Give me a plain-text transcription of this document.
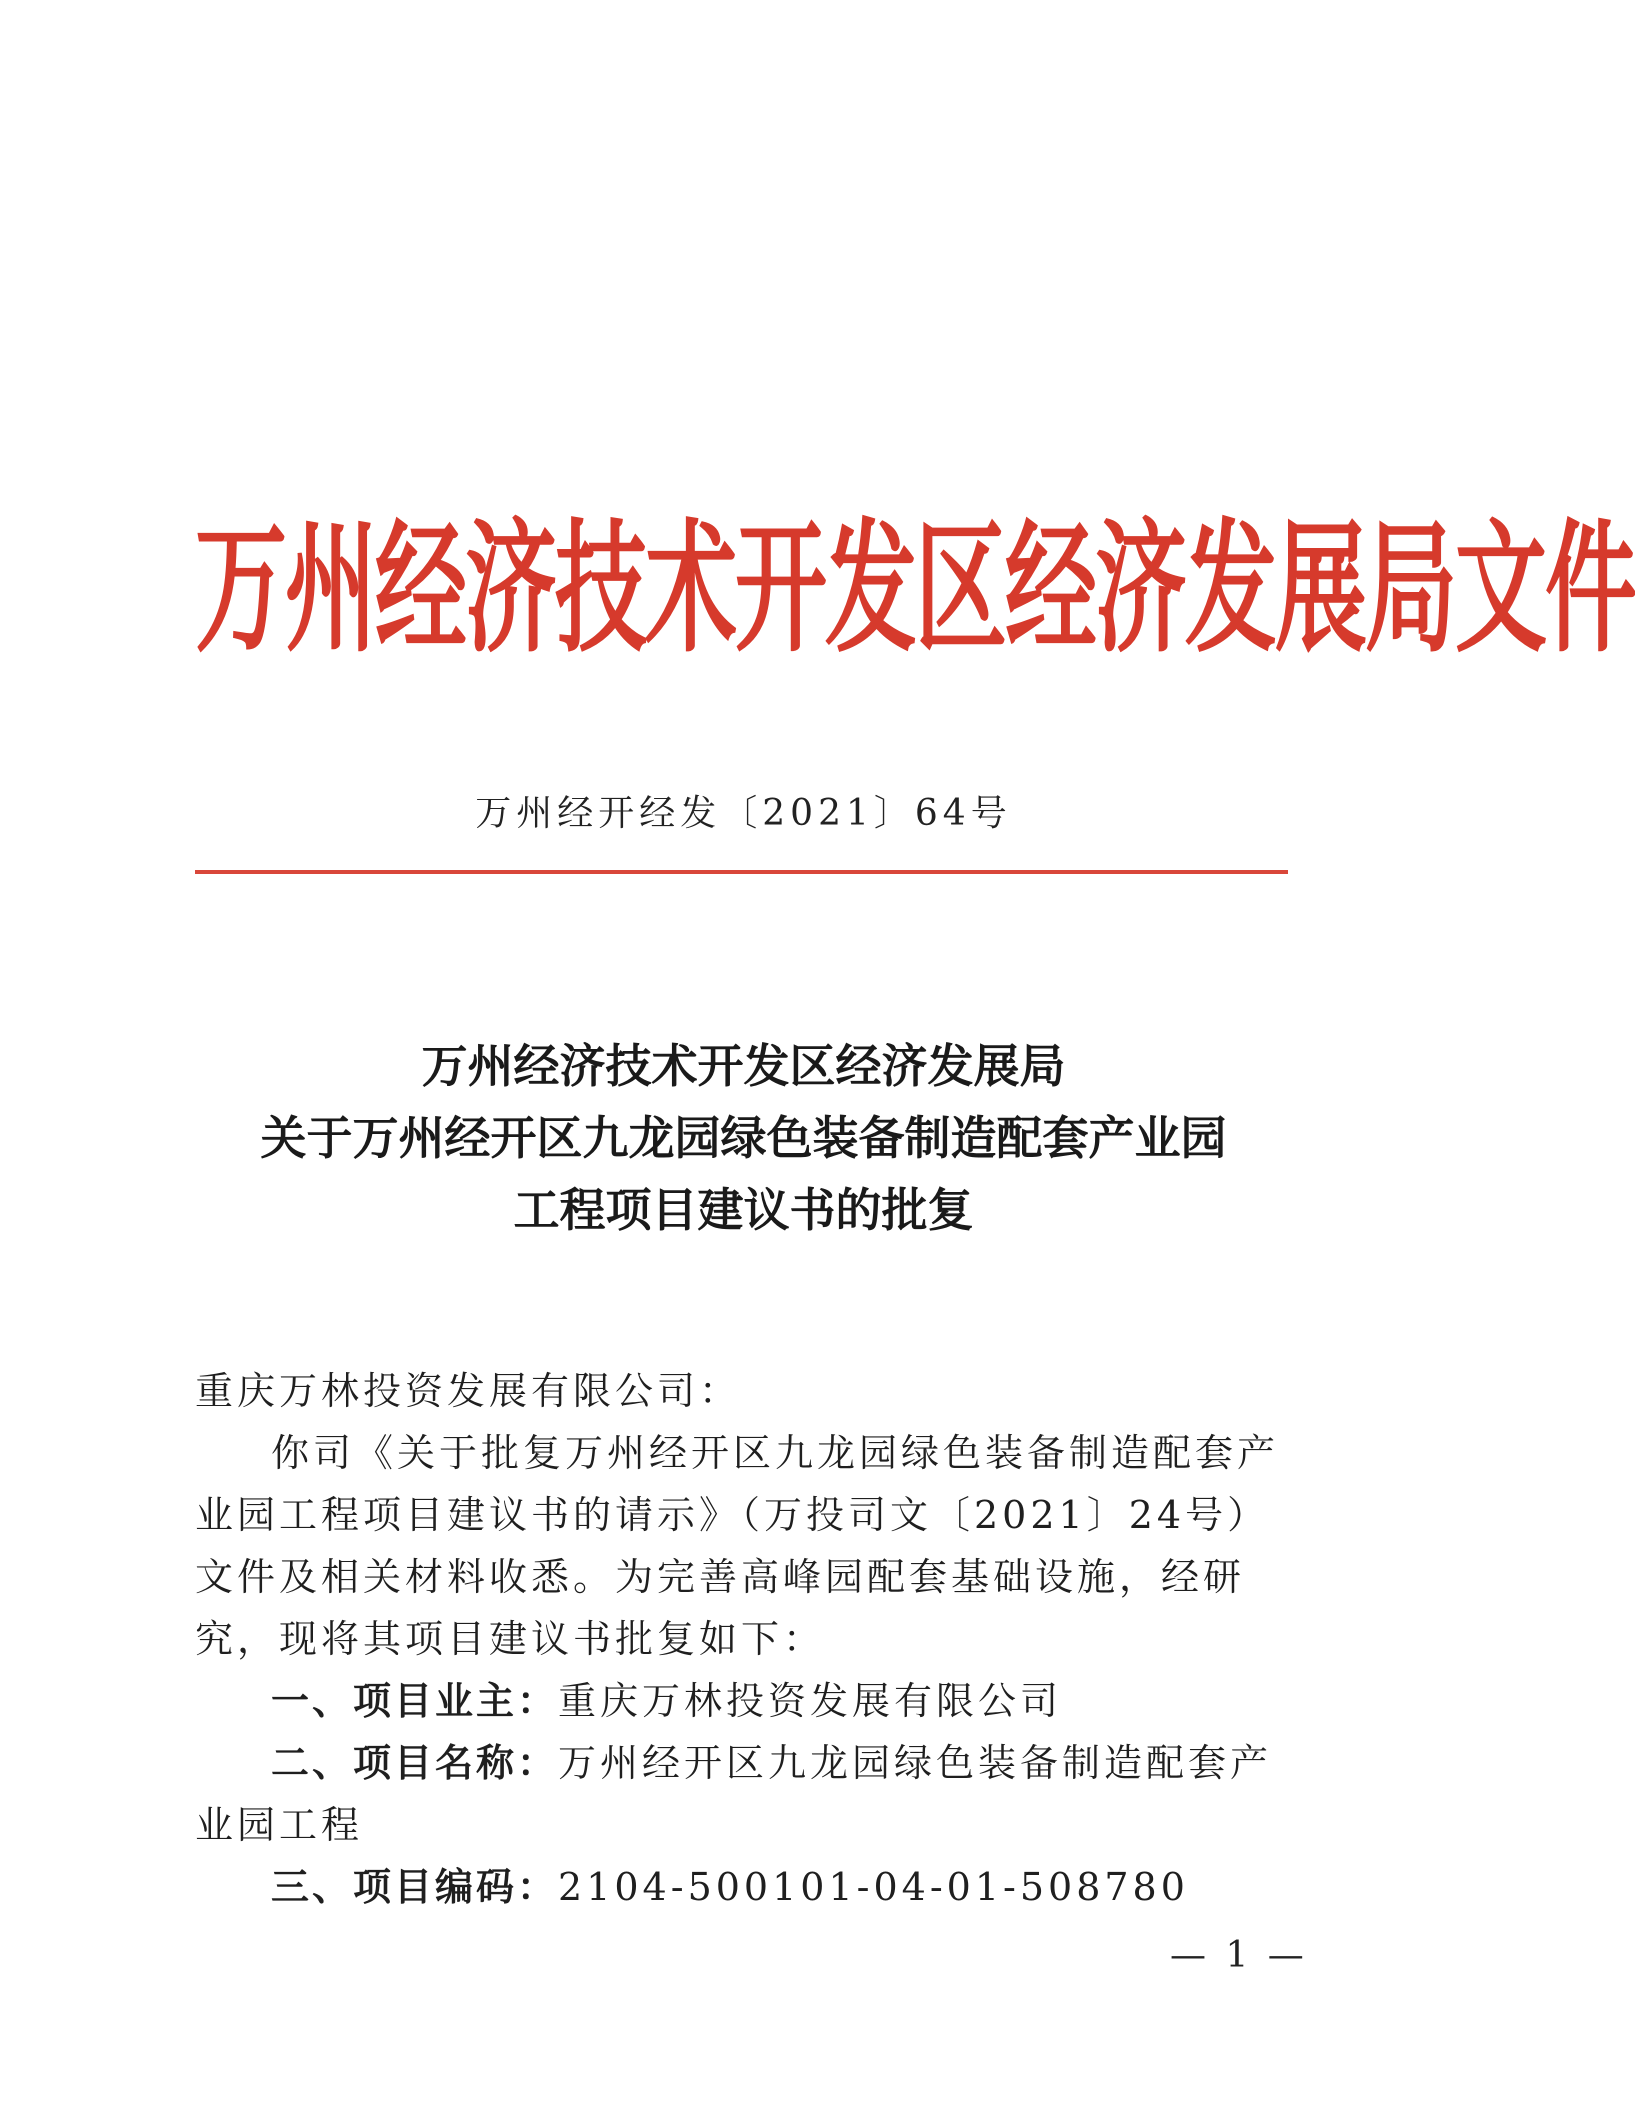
万州经济技术开发区经济发展局文件
万州经开经发〔2021〕64号
万州经济技术开发区经济发展局
关于万州经开区九龙园绿色装备制造配套产业园
工程项目建议书的批复

重庆万林投资发展有限公司：

你司《关于批复万州经开区九龙园绿色装备制造配套产业园工程项目建议书的请示》（万投司文〔2021〕24号）文件及相关材料收悉。为完善高峰园配套基础设施，经研究，现将其项目建议书批复如下：

一、项目业主：重庆万林投资发展有限公司

二、项目名称：万州经开区九龙园绿色装备制造配套产业园工程

三、项目编码：2104-500101-04-01-508780

— 1 —
